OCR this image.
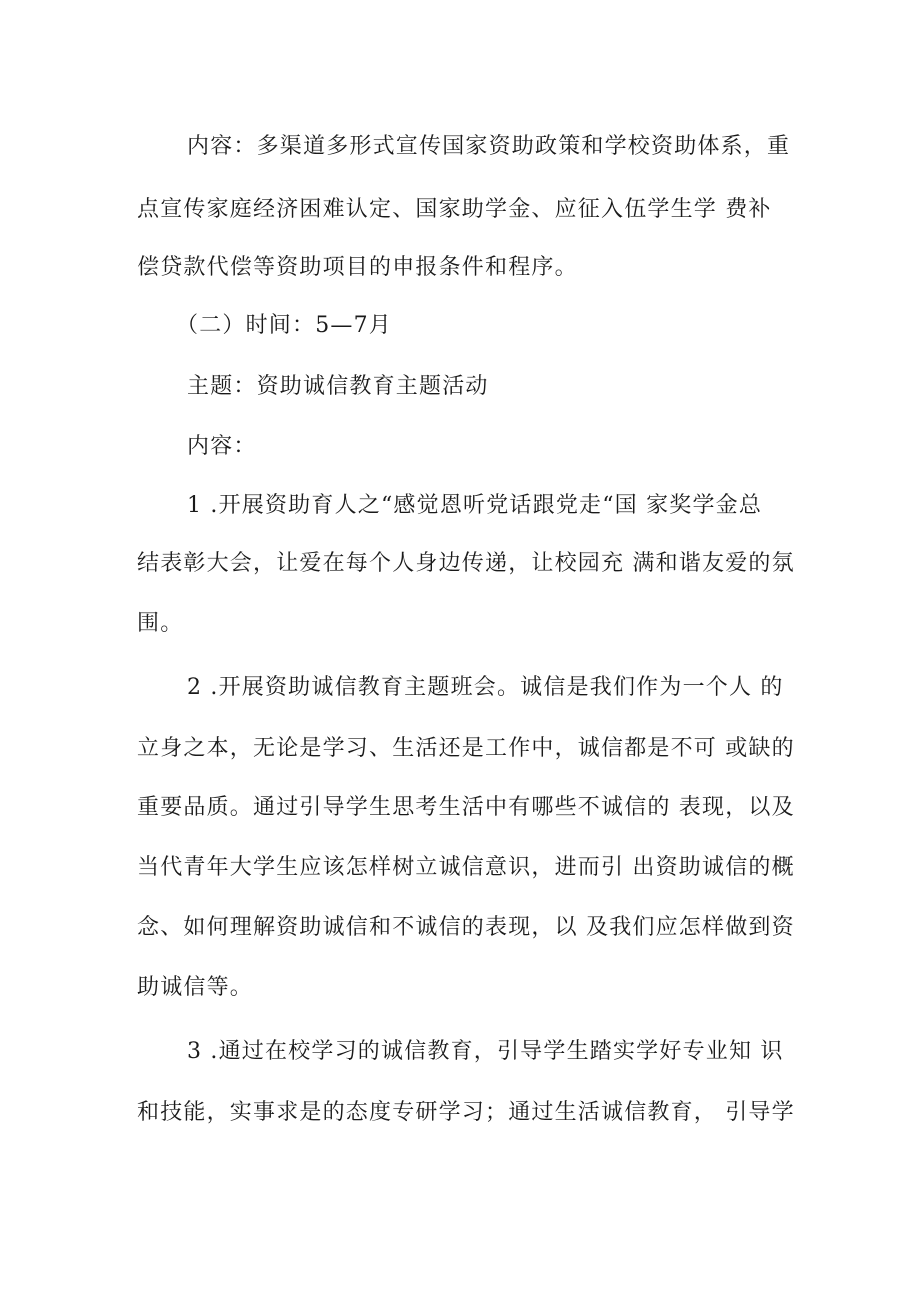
内容：多渠道多形式宣传国家资助政策和学校资助体系，重
点宣传家庭经济困难认定、国家助学金、应征入伍学生学 费补
偿贷款代偿等资助项目的申报条件和程序。
（二）时间：5—7月
主题：资助诚信教育主题活动
内容：
1 .开展资助育人之“感觉恩听党话跟党走“国 家奖学金总
结表彰大会，让爱在每个人身边传递，让校园充 满和谐友爱的氛
围。
2 .开展资助诚信教育主题班会。诚信是我们作为一个人 的
立身之本，无论是学习、生活还是工作中，诚信都是不可 或缺的
重要品质。通过引导学生思考生活中有哪些不诚信的 表现，以及
当代青年大学生应该怎样树立诚信意识，进而引 出资助诚信的概
念、如何理解资助诚信和不诚信的表现，以 及我们应怎样做到资
助诚信等。
3 .通过在校学习的诚信教育，引导学生踏实学好专业知 识
和技能，实事求是的态度专研学习；通过生活诚信教育， 引导学
